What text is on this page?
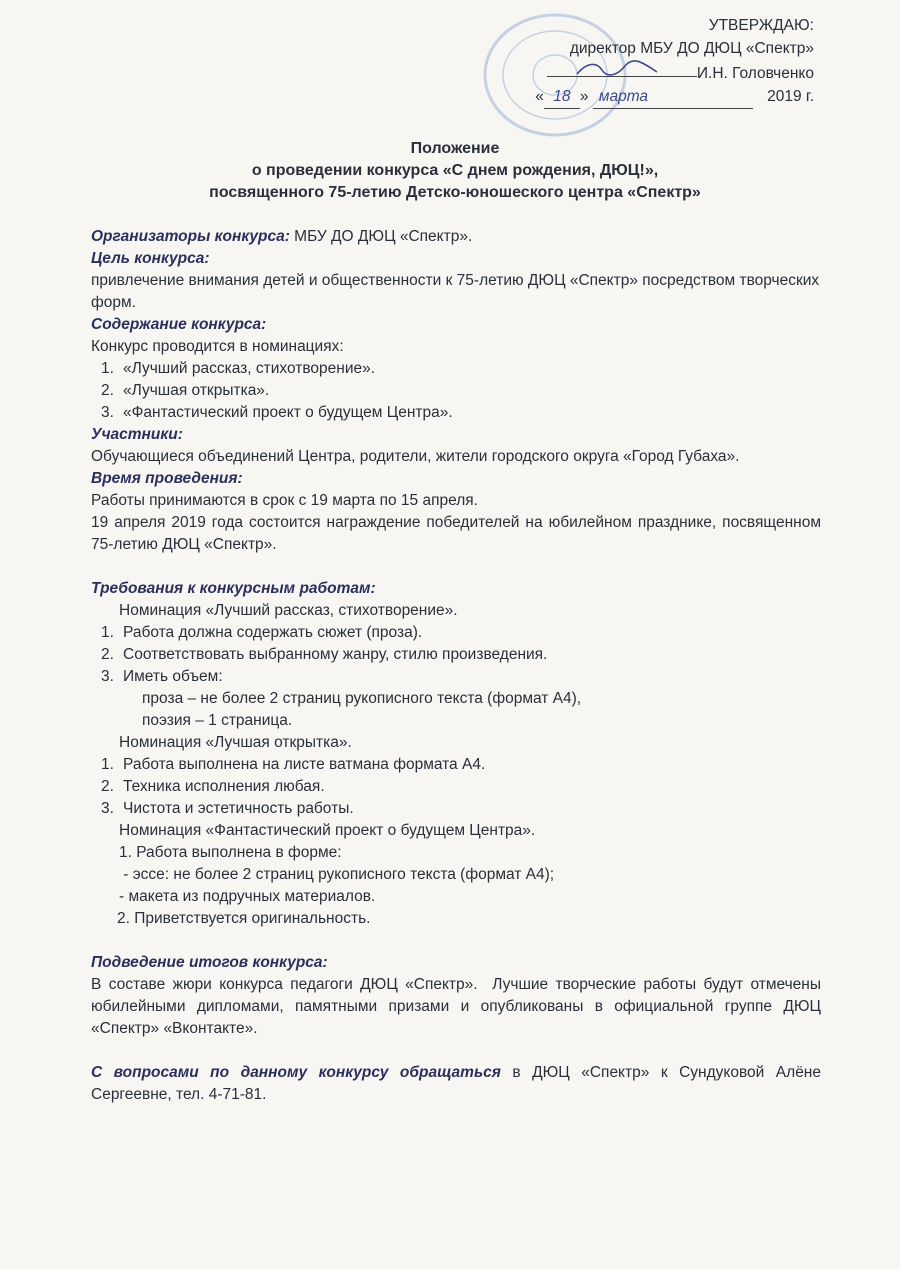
УТВЕРЖДАЮ:
директор МБУ ДО ДЮЦ «Спектр»
И.Н. Головченко
« 18 » марта	2019 г.
Положение
о проведении конкурса «С днем рождения, ДЮЦ!»,
посвященного 75-летию Детско-юношеского центра «Спектр»

Организаторы конкурса: МБУ ДО ДЮЦ «Спектр».

Цель конкурса:

привлечение внимания детей и общественности к 75-летию ДЮЦ «Спектр» посредством творческих форм.

Содержание конкурса:

Конкурс проводится в номинациях:

1. «Лучший рассказ, стихотворение».
2. «Лучшая открытка».
3. «Фантастический проект о будущем Центра».

Участники:

Обучающиеся объединений Центра, родители, жители городского округа «Город Губаха».

Время проведения:

Работы принимаются в срок с 19 марта по 15 апреля.

19 апреля 2019 года состоится награждение победителей на юбилейном празднике, посвященном 75-летию ДЮЦ «Спектр».

Требования к конкурсным работам:

Номинация «Лучший рассказ, стихотворение».

1. Работа должна содержать сюжет (проза).
2. Соответствовать выбранному жанру, стилю произведения.
3. Иметь объем:

проза – не более 2 страниц рукописного текста (формат А4),

поэзия – 1 страница.

Номинация «Лучшая открытка».

1. Работа выполнена на листе ватмана формата А4.
2. Техника исполнения любая.
3. Чистота и эстетичность работы.

Номинация «Фантастический проект о будущем Центра».

1. Работа выполнена в форме:

- эссе: не более 2 страниц рукописного текста (формат А4);

- макета из подручных материалов.

2. Приветствуется оригинальность.

Подведение итогов конкурса:

В составе жюри конкурса педагоги ДЮЦ «Спектр».  Лучшие творческие работы будут отмечены юбилейными дипломами, памятными призами и опубликованы в официальной группе ДЮЦ «Спектр» «Вконтакте».

С вопросами по данному конкурсу обращаться в ДЮЦ «Спектр» к Сундуковой Алёне Сергеевне, тел. 4-71-81.
